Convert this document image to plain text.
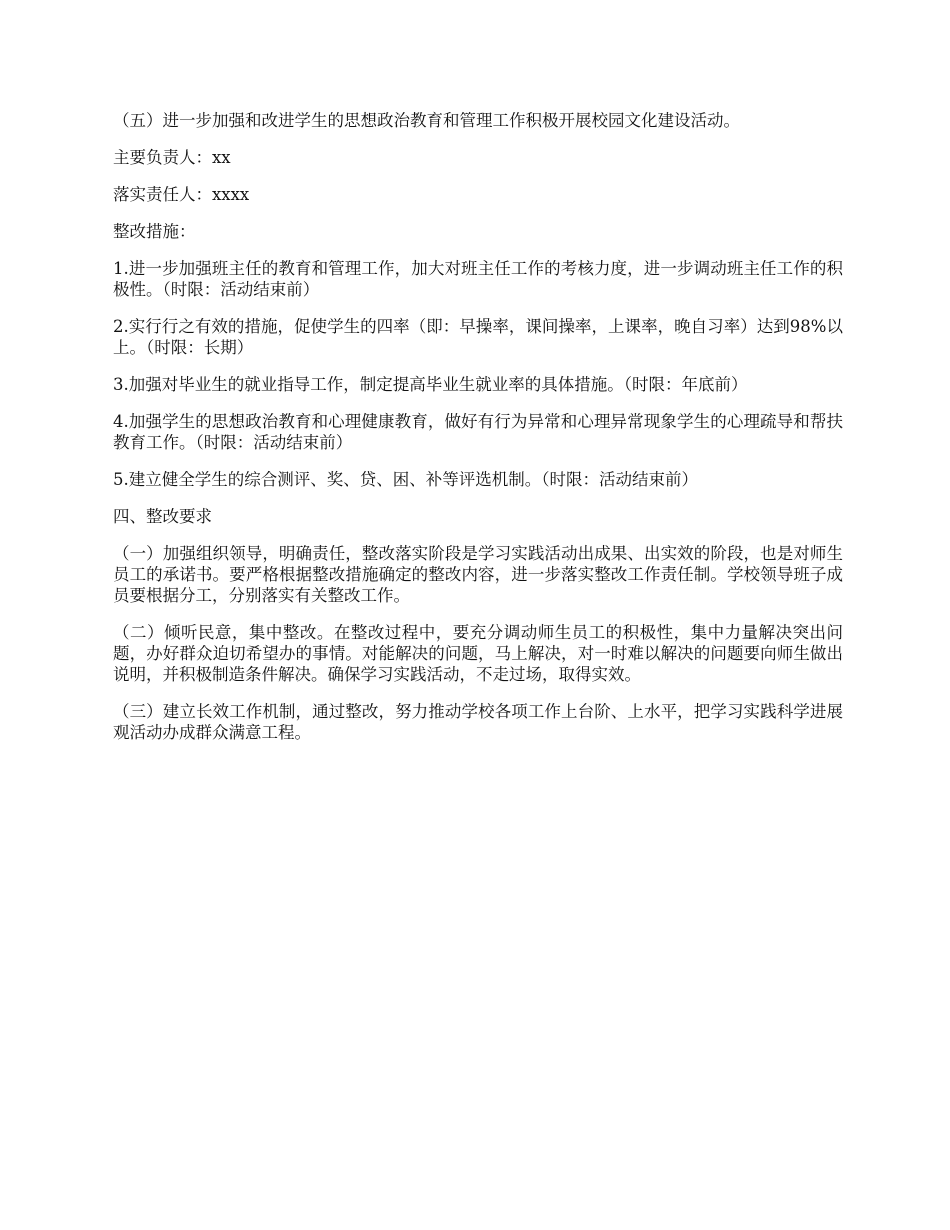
（五）进一步加强和改进学生的思想政治教育和管理工作积极开展校园文化建设活动。

主要负责人：xx

落实责任人：xxxx

整改措施：

1.进一步加强班主任的教育和管理工作，加大对班主任工作的考核力度，进一步调动班主任工作的积极性。（时限：活动结束前）

2.实行行之有效的措施，促使学生的四率（即：早操率，课间操率，上课率，晚自习率）达到98%以上。（时限：长期）

3.加强对毕业生的就业指导工作，制定提高毕业生就业率的具体措施。（时限：年底前）

4.加强学生的思想政治教育和心理健康教育，做好有行为异常和心理异常现象学生的心理疏导和帮扶教育工作。（时限：活动结束前）

5.建立健全学生的综合测评、奖、贷、困、补等评选机制。（时限：活动结束前）

四、整改要求

（一）加强组织领导，明确责任，整改落实阶段是学习实践活动出成果、出实效的阶段，也是对师生员工的承诺书。要严格根据整改措施确定的整改内容，进一步落实整改工作责任制。学校领导班子成员要根据分工，分别落实有关整改工作。

（二）倾听民意，集中整改。在整改过程中，要充分调动师生员工的积极性，集中力量解决突出问题，办好群众迫切希望办的事情。对能解决的问题，马上解决，对一时难以解决的问题要向师生做出说明，并积极制造条件解决。确保学习实践活动，不走过场，取得实效。

（三）建立长效工作机制，通过整改，努力推动学校各项工作上台阶、上水平，把学习实践科学进展观活动办成群众满意工程。
